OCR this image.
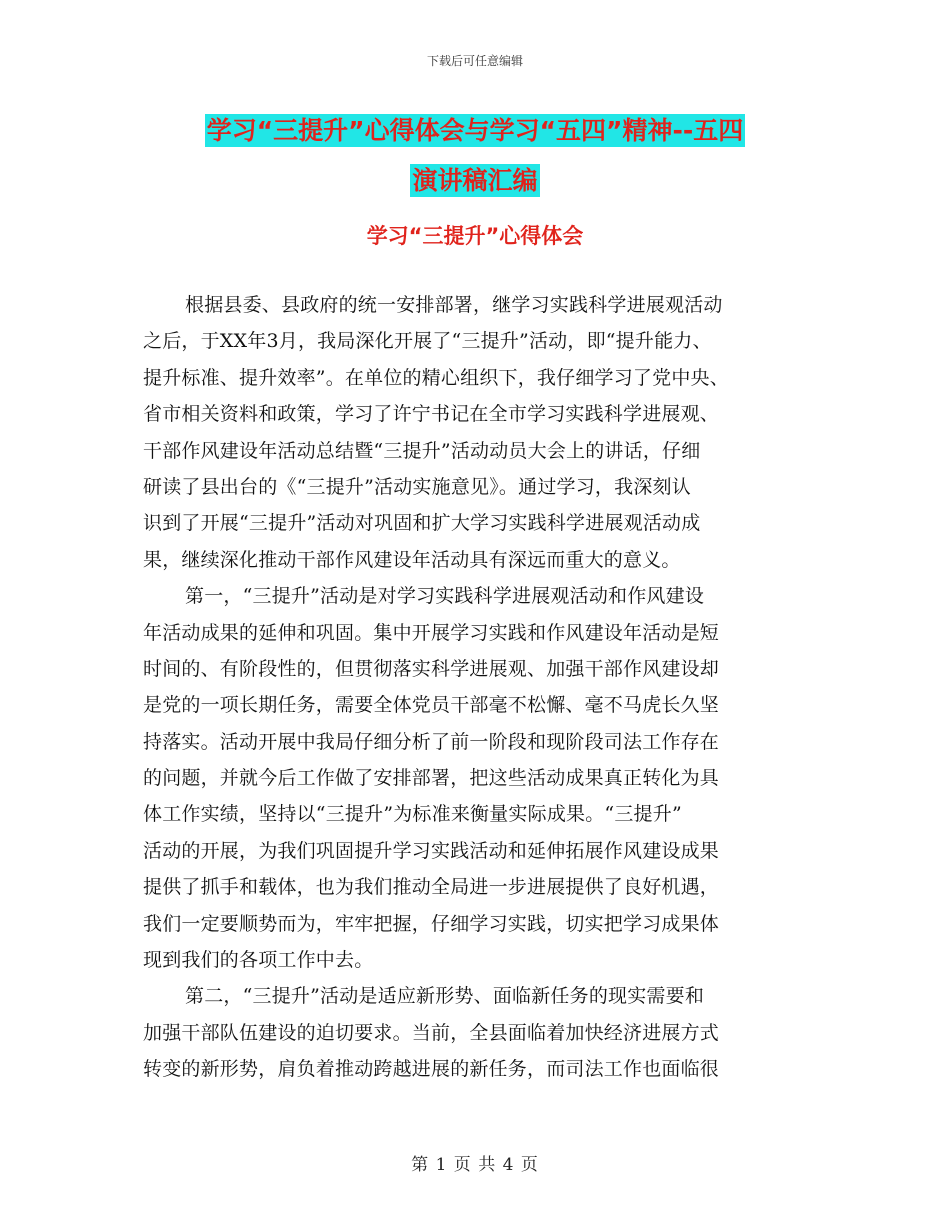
下载后可任意编辑
学习“三提升”心得体会与学习“五四”精神--五四
演讲稿汇编
学习“三提升”心得体会
根据县委、县政府的统一安排部署，继学习实践科学进展观活动
之后，于XX年3月，我局深化开展了“三提升”活动，即“提升能力、
提升标准、提升效率”。在单位的精心组织下，我仔细学习了党中央、
省市相关资料和政策，学习了许宁书记在全市学习实践科学进展观、
干部作风建设年活动总结暨“三提升”活动动员大会上的讲话，仔细
研读了县出台的《“三提升”活动实施意见》。通过学习，我深刻认
识到了开展“三提升”活动对巩固和扩大学习实践科学进展观活动成
果，继续深化推动干部作风建设年活动具有深远而重大的意义。
第一，“三提升”活动是对学习实践科学进展观活动和作风建设
年活动成果的延伸和巩固。集中开展学习实践和作风建设年活动是短
时间的、有阶段性的，但贯彻落实科学进展观、加强干部作风建设却
是党的一项长期任务，需要全体党员干部毫不松懈、毫不马虎长久坚
持落实。活动开展中我局仔细分析了前一阶段和现阶段司法工作存在
的问题，并就今后工作做了安排部署，把这些活动成果真正转化为具
体工作实绩，坚持以“三提升”为标准来衡量实际成果。“三提升”
活动的开展，为我们巩固提升学习实践活动和延伸拓展作风建设成果
提供了抓手和载体，也为我们推动全局进一步进展提供了良好机遇，
我们一定要顺势而为，牢牢把握，仔细学习实践，切实把学习成果体
现到我们的各项工作中去。
第二，“三提升”活动是适应新形势、面临新任务的现实需要和
加强干部队伍建设的迫切要求。当前，全县面临着加快经济进展方式
转变的新形势，肩负着推动跨越进展的新任务，而司法工作也面临很
第 1 页 共 4 页
